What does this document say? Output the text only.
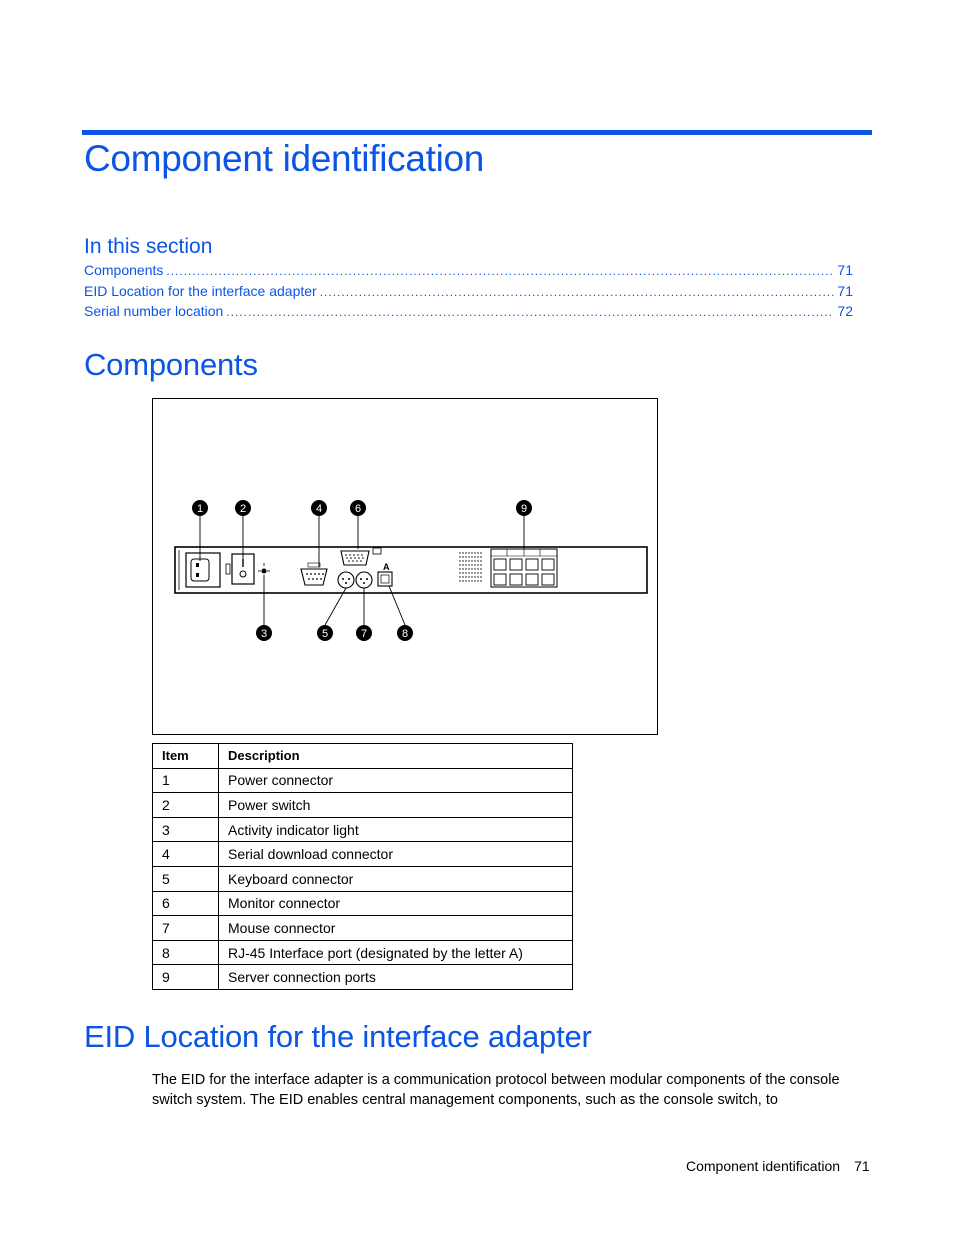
Component identification
In this section
Components .....	71
EID Location for the interface adapter .....	71
Serial number location .....	72
Components
A
1	2
3
4
5
6
7	8
9
Item	Description
1	Power connector
2	Power switch
3	Activity indicator light
4	Serial download connector
5	Keyboard connector
6	Monitor connector
7	Mouse connector
8	RJ-45 Interface port (designated by the letter A)
9	Server connection ports
EID Location for the interface adapter

The EID for the interface adapter is a communication protocol between modular components of the console switch system. The EID enables central management components, such as the console switch, to

Component identification 71
